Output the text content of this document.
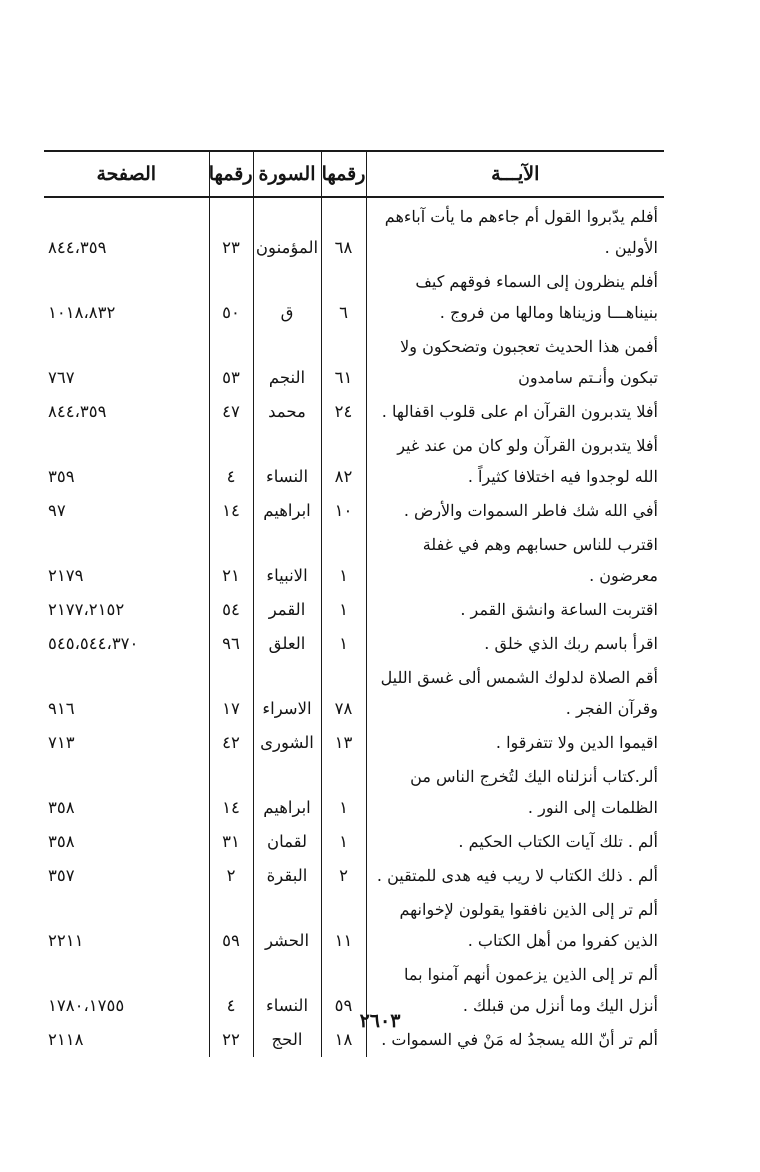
الآيـــة	رقمها	السورة	رقمها	الصفحة
أفلم يدّبروا القول أم جاءهم ما يأت آباءهم الأولين .	٦٨	المؤمنون	٢٣	٨٤٤،٣٥٩
أفلم ينظرون إلى السماء فوقهم كيف بنيناهـــا وزيناها ومالها من فروج .	٦	ق	٥٠	١٠١٨،٨٣٢
أفمن هذا الحديث تعجبون وتضحكون ولا تبكون وأنـتم سامدون	٦١	النجم	٥٣	٧٦٧
أفلا يتدبرون القرآن ام على قلوب اقفالها .	٢٤	محمد	٤٧	٨٤٤،٣٥٩
أفلا يتدبرون القرآن ولو كان من عند غير الله لوجدوا فيه اختلافا كثيراً .	٨٢	النساء	٤	٣٥٩
أفي الله شك فاطر السموات والأرض .	١٠	ابراهيم	١٤	٩٧
اقترب للناس حسابهم وهم في غفلة معرضون .	١	الانبياء	٢١	٢١٧٩
اقتربت الساعة وانشق القمر .	١	القمر	٥٤	٢١٧٧،٢١٥٢
اقرأ باسم ربك الذي خلق .	١	العلق	٩٦	٥٤٥،٥٤٤،٣٧٠
أقم الصلاة لدلوك الشمس ألى غسق الليل وقرآن الفجر .	٧٨	الاسراء	١٧	٩١٦
اقيموا الدين ولا تتفرقوا .	١٣	الشورى	٤٢	٧١٣
ألر.كتاب أنزلناه اليك لتُخرج الناس من الظلمات إلى النور .	١	ابراهيم	١٤	٣٥٨
ألم . تلك آيات الكتاب الحكيم .	١	لقمان	٣١	٣٥٨
ألم . ذلك الكتاب لا ريب فيه هدى للمتقين .	٢	البقرة	٢	٣٥٧
ألم تر إلى الذين نافقوا يقولون لإخوانهم الذين كفروا من أهل الكتاب .	١١	الحشر	٥٩	٢٢١١
ألم تر إلى الذين يزعمون أنهم آمنوا بما أنزل اليك وما أنزل من قبلك .	٥٩	النساء	٤	١٧٨٠،١٧٥٥
ألم تر أنّ الله يسجدُ له مَنْ في السموات .	١٨	الحج	٢٢	٢١١٨
٢٦٠٣
